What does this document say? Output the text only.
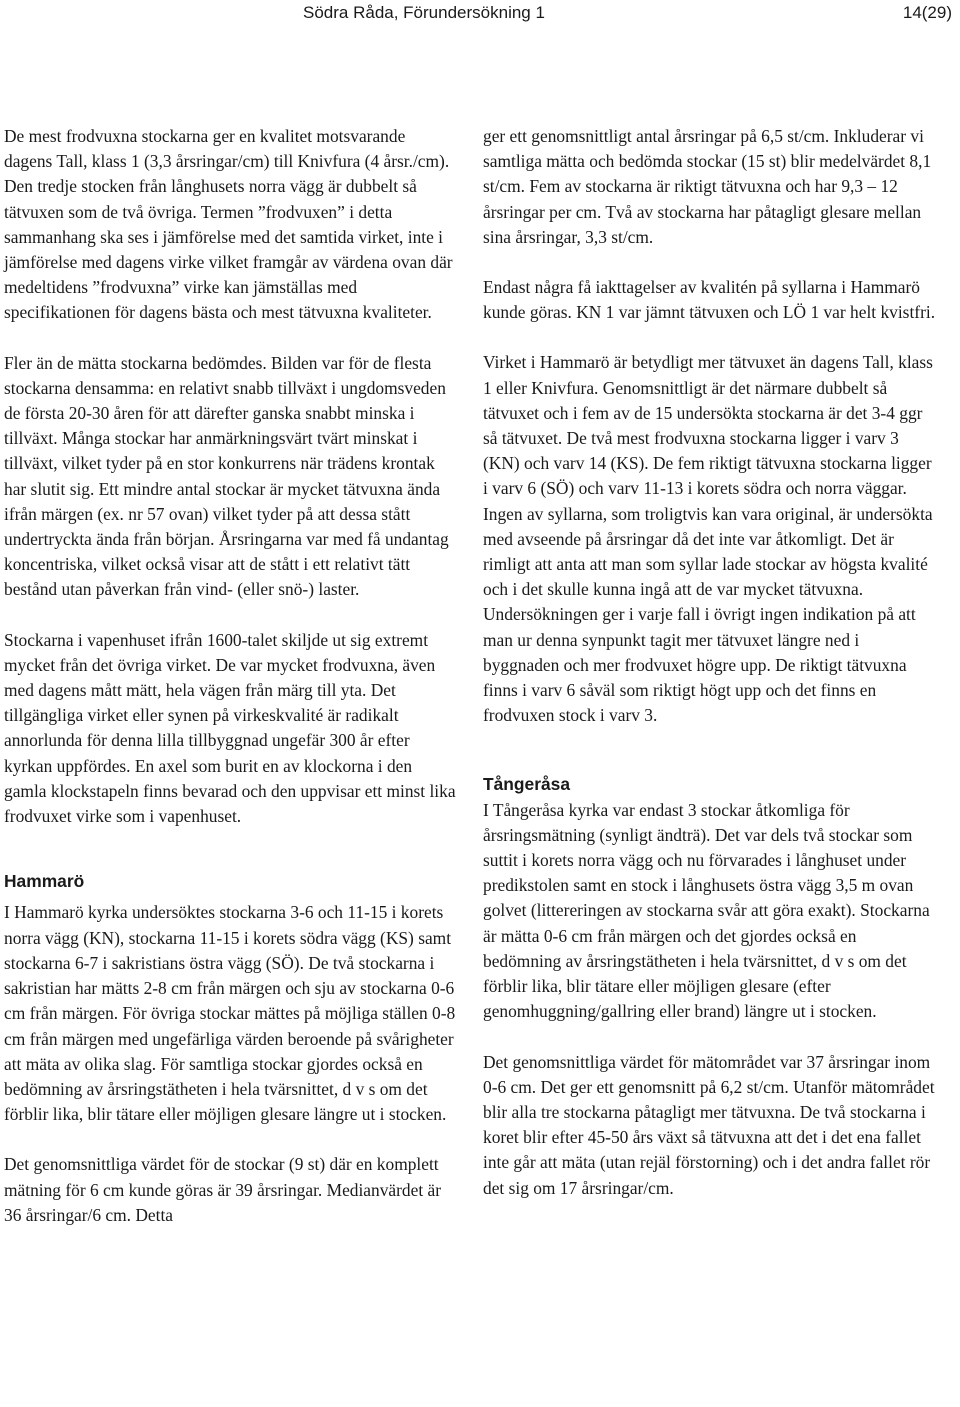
Södra Råda, Förundersökning 1	14(29)

De mest frodvuxna stockarna ger en kvalitet motsvarande dagens Tall, klass 1 (3,3 årsringar/cm) till Knivfura (4 årsr./cm). Den tredje stocken från långhusets norra vägg är dubbelt så tätvuxen som de två övriga. Termen ”frodvuxen” i detta sammanhang ska ses i jämförelse med det samtida virket, inte i jämförelse med dagens virke vilket framgår av värdena ovan där medeltidens ”frodvuxna” virke kan jämställas med specifikationen för dagens bästa och mest tätvuxna kvaliteter.

Fler än de mätta stockarna bedömdes. Bilden var för de flesta stockarna densamma: en relativt snabb tillväxt i ungdomsveden de första 20-30 åren för att därefter ganska snabbt minska i tillväxt. Många stockar har anmärkningsvärt tvärt minskat i tillväxt, vilket tyder på en stor konkurrens när trädens krontak har slutit sig. Ett mindre antal stockar är mycket tätvuxna ända ifrån märgen (ex. nr 57 ovan) vilket tyder på att dessa stått undertryckta ända från början. Årsringarna var med få undantag koncentriska, vilket också visar att de stått i ett relativt tätt bestånd utan påverkan från vind- (eller snö-) laster.

Stockarna i vapenhuset ifrån 1600-talet skiljde ut sig extremt mycket från det övriga virket. De var mycket frodvuxna, även med dagens mått mätt, hela vägen från märg till yta. Det tillgängliga virket eller synen på virkeskvalité är radikalt annorlunda för denna lilla tillbyggnad ungefär 300 år efter kyrkan uppfördes. En axel som burit en av klockorna i den gamla klockstapeln finns bevarad och den uppvisar ett minst lika frodvuxet virke som i vapenhuset.

Hammarö

I Hammarö kyrka undersöktes stockarna 3-6 och 11-15 i korets norra vägg (KN), stockarna 11-15 i korets södra vägg (KS) samt stockarna 6-7 i sakristians östra vägg (SÖ). De två stockarna i sakristian har mätts 2-8 cm från märgen och sju av stockarna 0-6 cm från märgen. För övriga stockar mättes på möjliga ställen 0-8 cm från märgen med ungefärliga värden beroende på svårigheter att mäta av olika slag. För samtliga stockar gjordes också en bedömning av årsringstätheten i hela tvärsnittet, d v s om det förblir lika, blir tätare eller möjligen glesare längre ut i stocken.

Det genomsnittliga värdet för de stockar (9 st) där en komplett mätning för 6 cm kunde göras är 39 årsringar. Medianvärdet är 36 årsringar/6 cm. Detta

ger ett genomsnittligt antal årsringar på 6,5 st/cm. Inkluderar vi samtliga mätta och bedömda stockar (15 st) blir medelvärdet 8,1 st/cm. Fem av stockarna är riktigt tätvuxna och har 9,3 – 12 årsringar per cm. Två av stockarna har påtagligt glesare mellan sina årsringar, 3,3 st/cm.

Endast några få iakttagelser av kvalitén på syllarna i Hammarö kunde göras. KN 1 var jämnt tätvuxen och LÖ 1 var helt kvistfri.

Virket i Hammarö är betydligt mer tätvuxet än dagens Tall, klass 1 eller Knivfura. Genomsnittligt är det närmare dubbelt så tätvuxet och i fem av de 15 undersökta stockarna är det 3-4 ggr så tätvuxet. De två mest frodvuxna stockarna ligger i varv 3 (KN) och varv 14 (KS). De fem riktigt tätvuxna stockarna ligger i varv 6 (SÖ) och varv 11-13 i korets södra och norra väggar. Ingen av syllarna, som troligtvis kan vara original, är undersökta med avseende på årsringar då det inte var åtkomligt. Det är rimligt att anta att man som syllar lade stockar av högsta kvalité och i det skulle kunna ingå att de var mycket tätvuxna. Undersökningen ger i varje fall i övrigt ingen indikation på att man ur denna synpunkt tagit mer tätvuxet längre ned i byggnaden och mer frodvuxet högre upp. De riktigt tätvuxna finns i varv 6 såväl som riktigt högt upp och det finns en frodvuxen stock i varv 3.

Tångeråsa

I Tångeråsa kyrka var endast 3 stockar åtkomliga för årsringsmätning (synligt ändträ). Det var dels två stockar som suttit i korets norra vägg och nu förvarades i långhuset under predikstolen samt en stock i långhusets östra vägg 3,5 m ovan golvet (littereringen av stockarna svår att göra exakt). Stockarna är mätta 0-6 cm från märgen och det gjordes också en bedömning av årsringstätheten i hela tvärsnittet, d v s om det förblir lika, blir tätare eller möjligen glesare (efter genomhuggning/gallring eller brand) längre ut i stocken.

Det genomsnittliga värdet för mätområdet var 37 årsringar inom 0-6 cm. Det ger ett genomsnitt på 6,2 st/cm. Utanför mätområdet blir alla tre stockarna påtagligt mer tätvuxna. De två stockarna i koret blir efter 45-50 års växt så tätvuxna att det i det ena fallet inte går att mäta (utan rejäl förstorning) och i det andra fallet rör det sig om 17 årsringar/cm.
